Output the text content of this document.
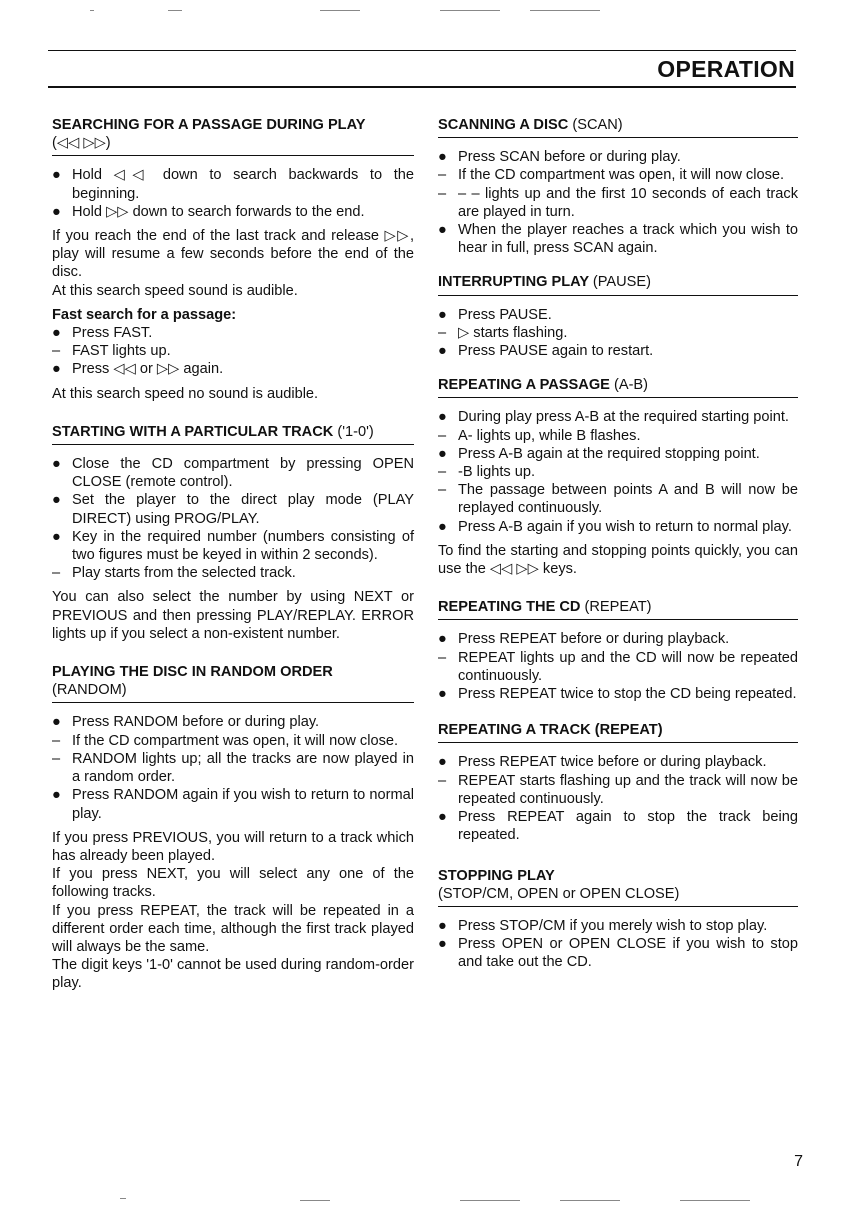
OPERATION
SEARCHING FOR A PASSAGE DURING PLAY
(◁◁ ▷▷)
● Hold ◁◁ down to search backwards to the beginning.
● Hold ▷▷ down to search forwards to the end.

If you reach the end of the last track and release ▷▷, play will resume a few seconds before the end of the disc.

At this search speed sound is audible.

Fast search for a passage:
● Press FAST.
– FAST lights up.
● Press ◁◁ or ▷▷ again.

At this search speed no sound is audible.

STARTING WITH A PARTICULAR TRACK ('1-0')
● Close the CD compartment by pressing OPEN CLOSE (remote control).
● Set the player to the direct play mode (PLAY DIRECT) using PROG/PLAY.
● Key in the required number (numbers consisting of two figures must be keyed in within 2 seconds).
– Play starts from the selected track.

You can also select the number by using NEXT or PREVIOUS and then pressing PLAY/REPLAY. ERROR lights up if you select a non-existent number.

PLAYING THE DISC IN RANDOM ORDER
(RANDOM)
● Press RANDOM before or during play.
– If the CD compartment was open, it will now close.
– RANDOM lights up; all the tracks are now played in a random order.
● Press RANDOM again if you wish to return to normal play.

If you press PREVIOUS, you will return to a track which has already been played.

If you press NEXT, you will select any one of the following tracks.

If you press REPEAT, the track will be repeated in a different order each time, although the first track played will always be the same.

The digit keys '1-0' cannot be used during random-order play.

SCANNING A DISC (SCAN)
● Press SCAN before or during play.
– If the CD compartment was open, it will now close.
– – – lights up and the first 10 seconds of each track are played in turn.
● When the player reaches a track which you wish to hear in full, press SCAN again.
INTERRUPTING PLAY (PAUSE)
● Press PAUSE.
– ▷ starts flashing.
● Press PAUSE again to restart.
REPEATING A PASSAGE (A-B)
● During play press A-B at the required starting point.
– A- lights up, while B flashes.
● Press A-B again at the required stopping point.
– -B lights up.
– The passage between points A and B will now be replayed continuously.
● Press A-B again if you wish to return to normal play.

To find the starting and stopping points quickly, you can use the ◁◁ ▷▷ keys.

REPEATING THE CD (REPEAT)
● Press REPEAT before or during playback.
– REPEAT lights up and the CD will now be repeated continuously.
● Press REPEAT twice to stop the CD being repeated.
REPEATING A TRACK (REPEAT)
● Press REPEAT twice before or during playback.
– REPEAT starts flashing up and the track will now be repeated continuously.
● Press REPEAT again to stop the track being repeated.
STOPPING PLAY
(STOP/CM, OPEN or OPEN CLOSE)
● Press STOP/CM if you merely wish to stop play.
● Press OPEN or OPEN CLOSE if you wish to stop and take out the CD.
7
